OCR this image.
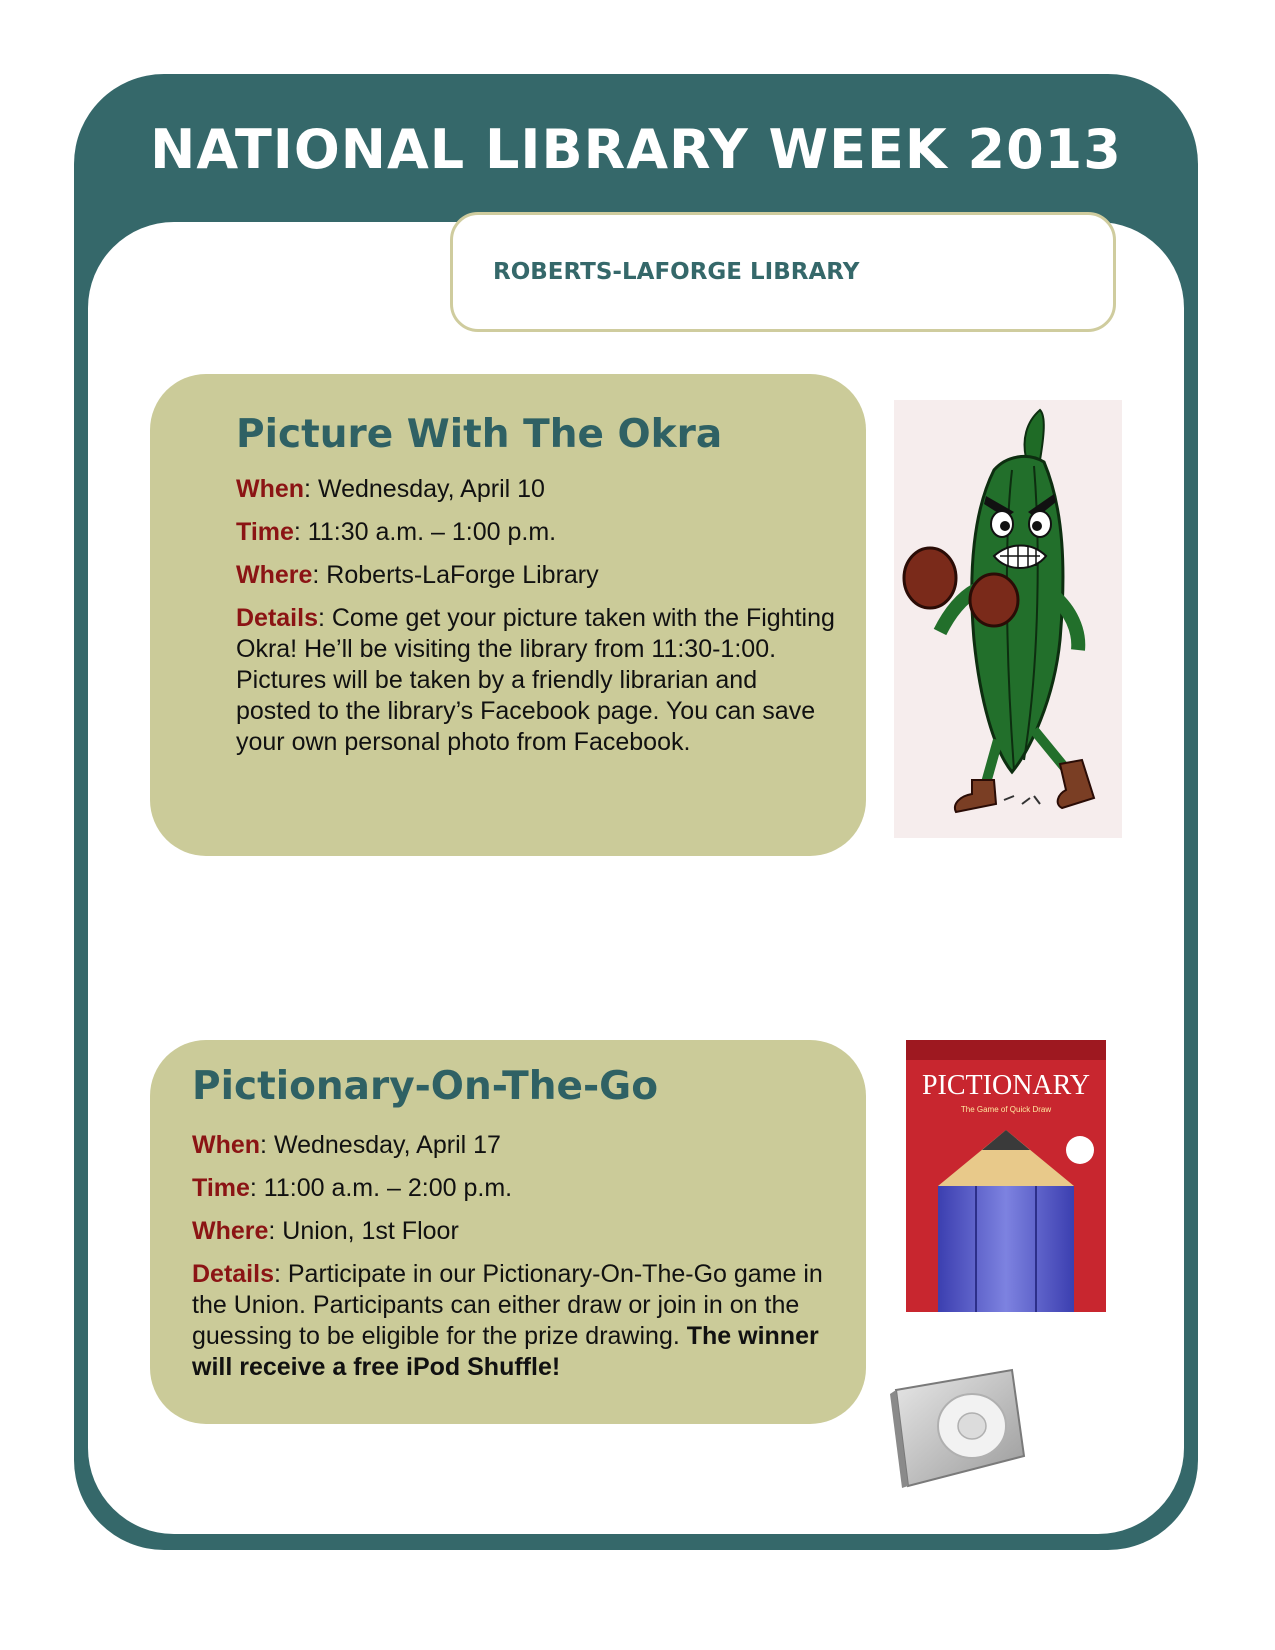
NATIONAL LIBRARY WEEK 2013
ROBERTS-LAFORGE LIBRARY
Picture With The Okra

When: Wednesday, April 10

Time: 11:30 a.m. – 1:00 p.m.

Where: Roberts-LaForge Library

Details: Come get your picture taken with the Fighting Okra! He’ll be visiting the library from 11:30-1:00. Pictures will be taken by a friendly librarian and posted to the library’s Facebook page. You can save your own personal photo from Facebook.

Pictionary-On-The-Go

When: Wednesday, April 17

Time: 11:00 a.m. – 2:00 p.m.

Where: Union, 1st Floor

Details: Participate in our Pictionary-On-The-Go game in the Union. Participants can either draw or join in on the guessing to be eligible for the prize drawing. The winner will receive a free iPod Shuffle!

PICTIONARY
The Game of Quick Draw
